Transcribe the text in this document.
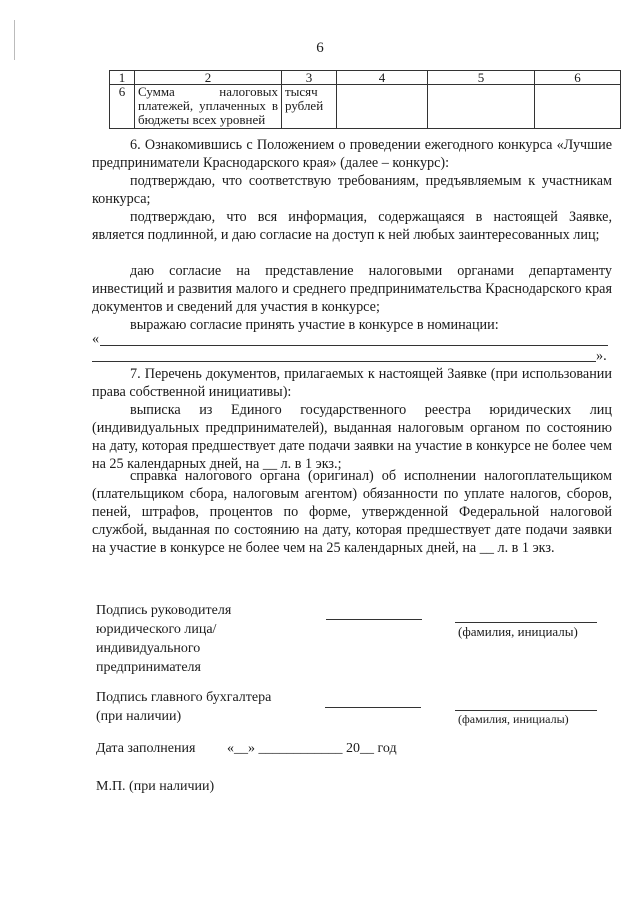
6
1	2	3	4	5	6
6	Сумма налоговых платежей, уплаченных в бюджеты всех уровней	тысяч рублей			

6. Ознакомившись с Положением о проведении ежегодного конкурса «Лучшие предприниматели Краснодарского края» (далее – конкурс):

подтверждаю, что соответствую требованиям, предъявляемым к участникам конкурса;

подтверждаю, что вся информация, содержащаяся в настоящей Заявке, является подлинной, и даю согласие на доступ к ней любых заинтересованных лиц;

даю согласие на представление налоговыми органами департаменту инвестиций и развития малого и среднего предпринимательства Краснодарского края документов и сведений для участия в конкурсе;

выражаю согласие принять участие в конкурсе в номинации:

«
».

7. Перечень документов, прилагаемых к настоящей Заявке (при использовании права собственной инициативы):

выписка из Единого государственного реестра юридических лиц (индивидуальных предпринимателей), выданная налоговым органом по состоянию на дату, которая предшествует дате подачи заявки на участие в конкурсе не более чем на 25 календарных дней, на __ л. в 1 экз.;

справка налогового органа (оригинал) об исполнении налогоплательщиком (плательщиком сбора, налоговым агентом) обязанности по уплате налогов, сборов, пеней, штрафов, процентов по форме, утвержденной Федеральной налоговой службой, выданная по состоянию на дату, которая предшествует дате подачи заявки на участие в конкурсе не более чем на 25 календарных дней, на __ л. в 1 экз.

Подпись руководителя
юридического лица/
индивидуального
предпринимателя
(фамилия, инициалы)
Подпись главного бухгалтера
(при наличии)	(фамилия, инициалы)
Дата заполнения «__» ____________ 20__ год
М.П. (при наличии)
